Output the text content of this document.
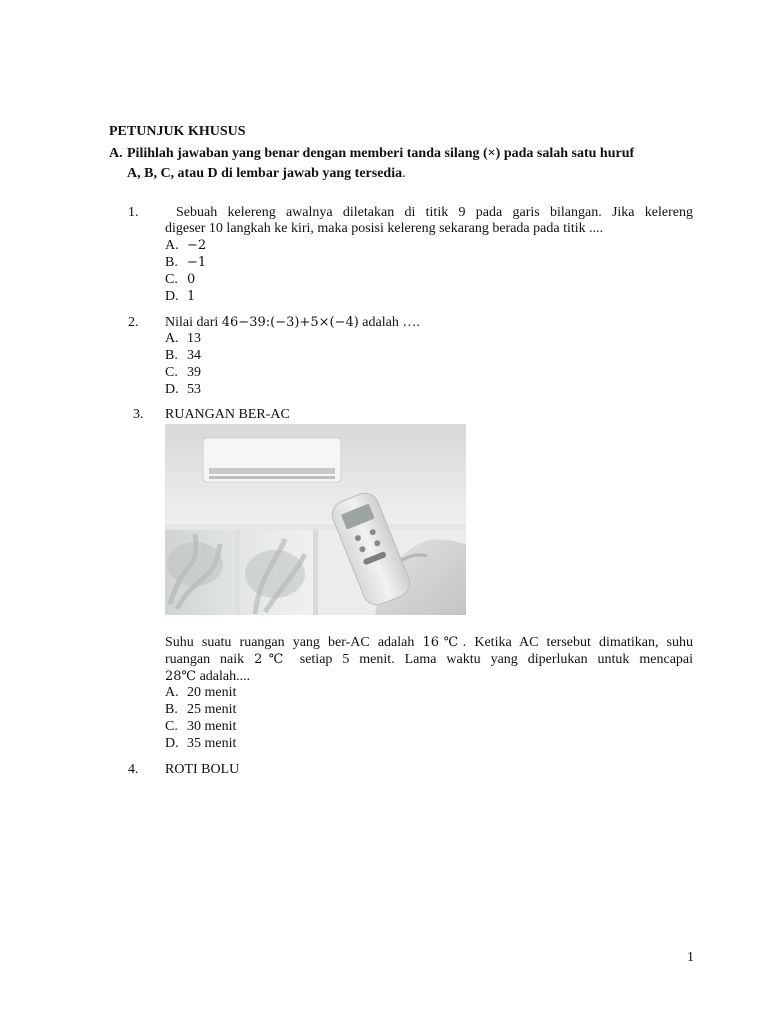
PETUNJUK KHUSUS
A. Pilihlah jawaban yang benar dengan memberi tanda silang (×) pada salah satu huruf
A, B, C, atau D di lembar jawab yang tersedia.
1.	Sebuah kelereng awalnya diletakan di titik 9 pada garis bilangan. Jika kelereng
digeser 10 langkah ke kiri, maka posisi kelereng sekarang berada pada titik ....
A. −2
B. −1
C. 0
D. 1
2. Nilai dari 46−39:(−3)+5×(−4) adalah ….
A. 13
B. 34
C. 39
D. 53
3. RUANGAN BER-AC
Suhu suatu ruangan yang ber-AC adalah 16℃. Ketika AC tersebut dimatikan, suhu
ruangan naik 2℃ setiap 5 menit. Lama waktu yang diperlukan untuk mencapai
28℃ adalah....
A. 20 menit
B. 25 menit
C. 30 menit
D. 35 menit
4. ROTI BOLU
1
